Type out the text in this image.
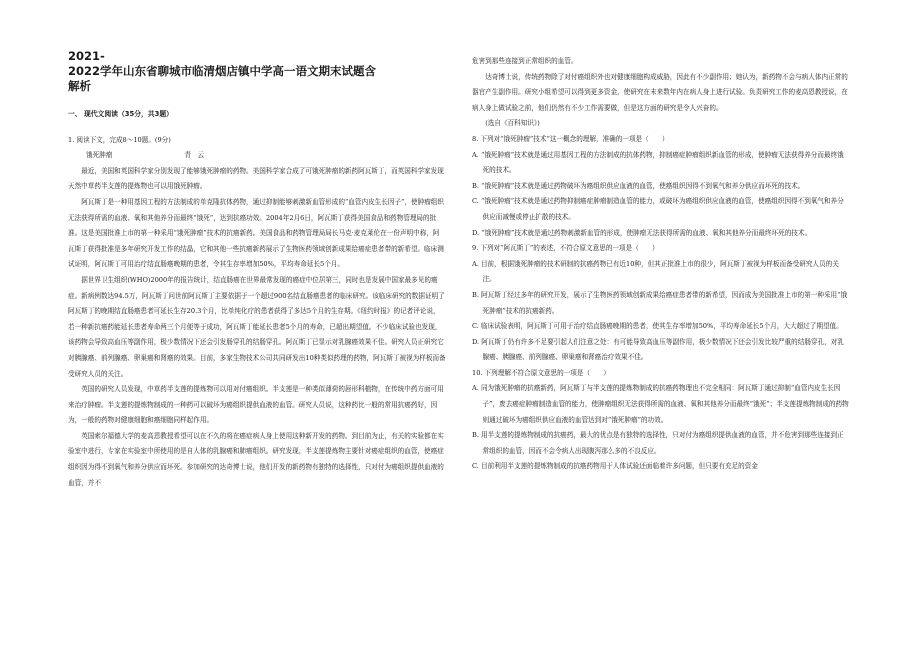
2021-

2022学年山东省聊城市临清烟店镇中学高一语文期末试题含

解析

一、 现代文阅读（35分，共3题）

1. 阅读下文，完成8～10题。(9分)

饿死肿瘤	青　云

最近，美国和英国科学家分别发现了能够饿死肿瘤的药物。美国科学家合成了可饿死肿瘤的新药阿瓦斯丁，而英国科学家发现天然中草药半支莲的提炼物也可以用饿死肿瘤。

阿瓦斯丁是一种用基因工程的方法制成的单克隆抗体药物，通过抑制能够刺激新血管形成的“血管内皮生长因子”，使肿瘤组织无法获得所需的血液、氧和其他养分而最终“饿死”，达到抗癌功效。2004年2月6日，阿瓦斯丁获得美国食品和药物管理局的批准。这是美国批准上市的第一种采用“饿死肿瘤”技术的抗癌新药。美国食品和药物管理局局长马克·麦克莱伦在一份声明中称，阿瓦斯丁获得批准是多年研究开发工作的结晶，它和其他一些抗癌新药展示了生物医药领域创新成果给癌症患者带的新希望。临床测试证明，阿瓦斯丁可用治疗结直肠癌晚期的患者，令其生存率增加50%，平均寿命延长5个月。

据世界卫生组织(WHO)2000年的报告统计，结直肠癌在世界最常发现的癌症中位居第三，同时也是发展中国家最多见的癌症。新病例数达94.5万，阿瓦斯丁问世前阿瓦斯丁主要依据于一个超过900名结直肠癌患者的临床研究。该临床研究的数据证明了阿瓦斯丁的晚期结直肠癌患者可延长生存20.3个月，比单纯化疗的患者获得了多达5个月的生存期。《纽约时报》的记者评论说，若一种新抗癌药能延长患者寿命两三个月便等于成功，阿瓦斯丁能延长患者5个月的寿命，已超出期望值。不少临床试验也发现，该药物会导致高血压等副作用，极少数情况下还会引发肠穿孔的结肠穿孔。阿瓦斯丁已显示对乳腺癌效果不佳。研究人员正研究它对胰腺癌、前列腺癌、卵巢癌和肾癌的效果。目前，多家生物技术公司共同研发出10种类似药理的药物，阿瓦斯丁被视为样板而备受研究人员的关注。

英国的研究人员发现，中草药半支莲的提炼物可以用对付癌组织。半支莲是一种类似薄荷的唇形科植物，在传统中药方面可用来治疗肿瘤。半支莲的提炼物制成的一种药可以破坏为癌组织提供血液的血管。研究人员说，这种药比一般的常用抗癌药好，因为，一般的药物对健康细胞和癌细胞同样起作用。

英国索尔福德大学的麦高恩教授希望可以在不久的将在癌症病人身上使用这种新开发的药物。到目前为止，有关的实验都在实验室中进行，专家在实验室中所使用的是自人体的乳腺癌和肺癌组织。研究发现，半支莲提炼物主要针对癌症组织的血管，使癌症组织因为得不到氧气和养分供应而坏死。参加研究的达奇博士说，他们开发的新药物有独特的选择性，只对付为癌组织提供血液的血管，并不

危害到那些连接到正常组织的血管。

达奇博士说，传统药物除了对付癌组织外也对健康细胞构成威胁，因此有不少副作用；她认为，新药物不会与病人体内正常的器官产生副作用。研究小组希望可以得到更多资金，使研究在未来数年内在病人身上进行试验。负责研究工作的麦高恩教授说，在病人身上做试验之前，他们仍然有不少工作需要做，但是这方面的研究是令人兴奋的。

(选自《百科知识》)

8. 下列对“饿死肿瘤”技术”这一概念的理解，准确的一项是（　　）

A. “饿死肿瘤”技术就是通过用基因工程的方法制成的抗体药物，抑制癌症肿瘤组织新血管的形成，使肿瘤无法获得养分而最终饿死的技术。

B. “饿死肿瘤”技术就是通过药物破坏为癌组织供应血液的血管，使癌组织因得不到氧气和养分供应而坏死的技术。

C. “饿死肿瘤”技术就是通过药物抑制癌症肿瘤制造血管的能力，或破坏为癌组织供应血液的血管，使癌组织因得不到氧气和养分供应而减慢或停止扩散的技术。

D. “饿死肿瘤”技术就是通过药物刺激新血管的形成，使肿瘤无法获得所需的血液、氧和其他养分而最终坏死的技术。

9. 下列对“阿瓦斯丁”的表述，不符合原文意思的一项是（　　）

A. 目前，根据饿死肿瘤的技术研制的抗癌药物已有近10种，但其正批准上市的很少，阿瓦斯丁被视为样板而备受研究人员的关注。

B. 阿瓦斯丁经过多年的研究开发，展示了生物医药领域创新成果给癌症患者带的新希望，因而成为美国批准上市的第一种采用“饿死肿瘤”技术的抗癌新药。

C. 临床试验表明，阿瓦斯丁可用于治疗结直肠癌晚期的患者，使其生存率增加50%，平均寿命延长5个月，大大超过了期望值。

D. 阿瓦斯丁仍有许多不足要引起人们注意之处：有可能导致高血压等副作用，极少数情况下还会引发比较严重的结肠穿孔，对乳腺癌、胰腺癌、前列腺癌、卵巢癌和肾癌治疗效果不佳。

10. 下列理解不符合原文意思的一项是（　　）

A. 同为饿死肿瘤的抗癌新药，阿瓦斯丁与半支莲的提炼物制成的抗癌药物理也不完全相同：阿瓦斯丁通过抑制“血管内皮生长因子”，废去癌症肿瘤制造血管的能力，使肿瘤组织无法获得所需的血液、氧和其他养分而最终“饿死”；半支莲提炼物制成的药物则通过破坏为癌组织供应血液的血管达到对“饿死肿瘤”的功效。

B. 用半支莲的提炼物制成的抗癌药，最大的优点是有独特的选择性，只对付为癌组织提供血液的血管，并不危害到那些连接到正常组织的血管，因而不会令病人出现腹泻那么多的不良反应。

C. 目前利用半支莲的提炼物制成的抗癌药物用于人体试验还面临着许多问题，但只要有充足的资金
